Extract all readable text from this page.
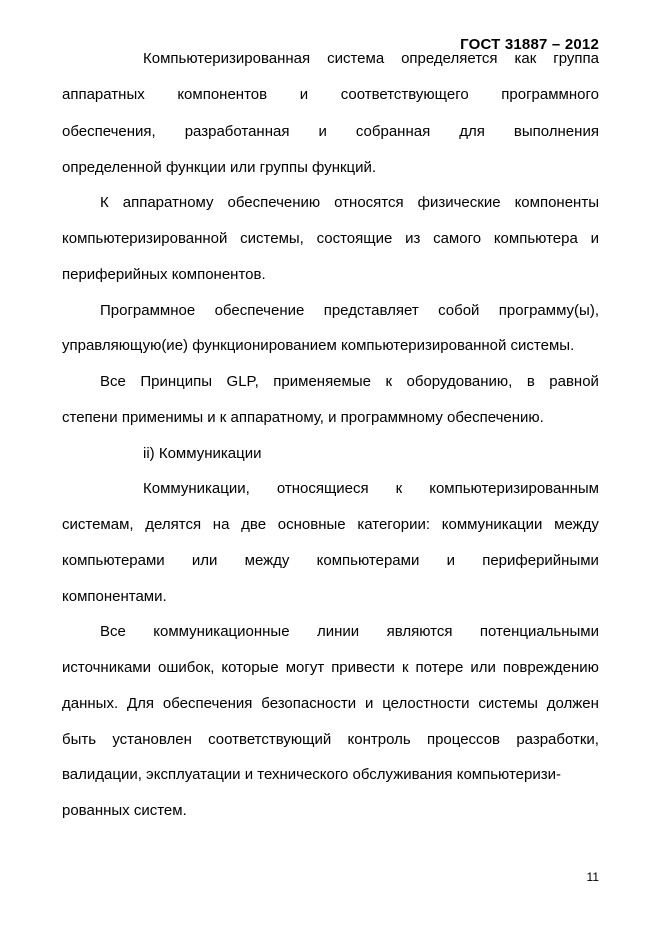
ГОСТ 31887 – 2012
Компьютеризированная система определяется как группа
аппаратных компонентов и соответствующего программного
обеспечения, разработанная и собранная для выполнения
определенной функции или группы функций.
К аппаратному обеспечению относятся физические компоненты
компьютеризированной системы, состоящие из самого компьютера и
периферийных компонентов.
Программное обеспечение представляет собой программу(ы),
управляющую(ие) функционированием компьютеризированной системы.
Все Принципы GLP, применяемые к оборудованию, в равной
степени применимы и к аппаратному, и программному обеспечению.
ii) Коммуникации
Коммуникации, относящиеся к компьютеризированным
системам, делятся на две основные категории: коммуникации между
компьютерами или между компьютерами и периферийными
компонентами.
Все коммуникационные линии являются потенциальными
источниками ошибок, которые могут привести к потере или повреждению
данных. Для обеспечения безопасности и целостности системы должен
быть установлен соответствующий контроль процессов разработки,
валидации, эксплуатации и технического обслуживания компьютеризи-
рованных систем.
11
